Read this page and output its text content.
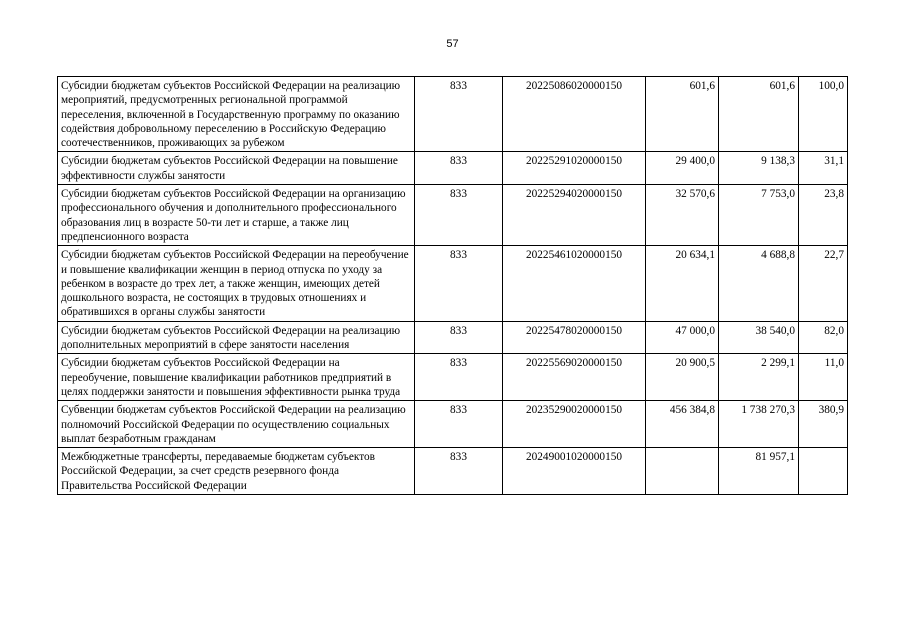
57
Субсидии бюджетам субъектов Российской Федерации на реализацию мероприятий, предусмотренных региональной программой переселения, включенной в Государственную программу по оказанию содействия добровольному переселению в Российскую Федерацию соотечественников, проживающих за рубежом	833	20225086020000150	601,6	601,6	100,0
Субсидии бюджетам субъектов Российской Федерации на повышение эффективности службы занятости	833	20225291020000150	29 400,0	9 138,3	31,1
Субсидии бюджетам субъектов Российской Федерации на организацию профессионального обучения и дополнительного профессионального образования лиц в возрасте 50-ти лет и старше, а также лиц предпенсионного возраста	833	20225294020000150	32 570,6	7 753,0	23,8
Субсидии бюджетам субъектов Российской Федерации на переобучение и повышение квалификации женщин в период отпуска по уходу за ребенком в возрасте до трех лет, а также женщин, имеющих детей дошкольного возраста, не состоящих в трудовых отношениях и обратившихся в органы службы занятости	833	20225461020000150	20 634,1	4 688,8	22,7
Субсидии бюджетам субъектов Российской Федерации на реализацию дополнительных мероприятий в сфере занятости населения	833	20225478020000150	47 000,0	38 540,0	82,0
Субсидии бюджетам субъектов Российской Федерации на переобучение, повышение квалификации работников предприятий в целях поддержки занятости и повышения эффективности рынка труда	833	20225569020000150	20 900,5	2 299,1	11,0
Субвенции бюджетам субъектов Российской Федерации на реализацию полномочий Российской Федерации по осуществлению социальных выплат безработным гражданам	833	20235290020000150	456 384,8	1 738 270,3	380,9
Межбюджетные трансферты, передаваемые бюджетам субъектов Российской Федерации, за счет средств резервного фонда Правительства Российской Федерации	833	20249001020000150		81 957,1	
